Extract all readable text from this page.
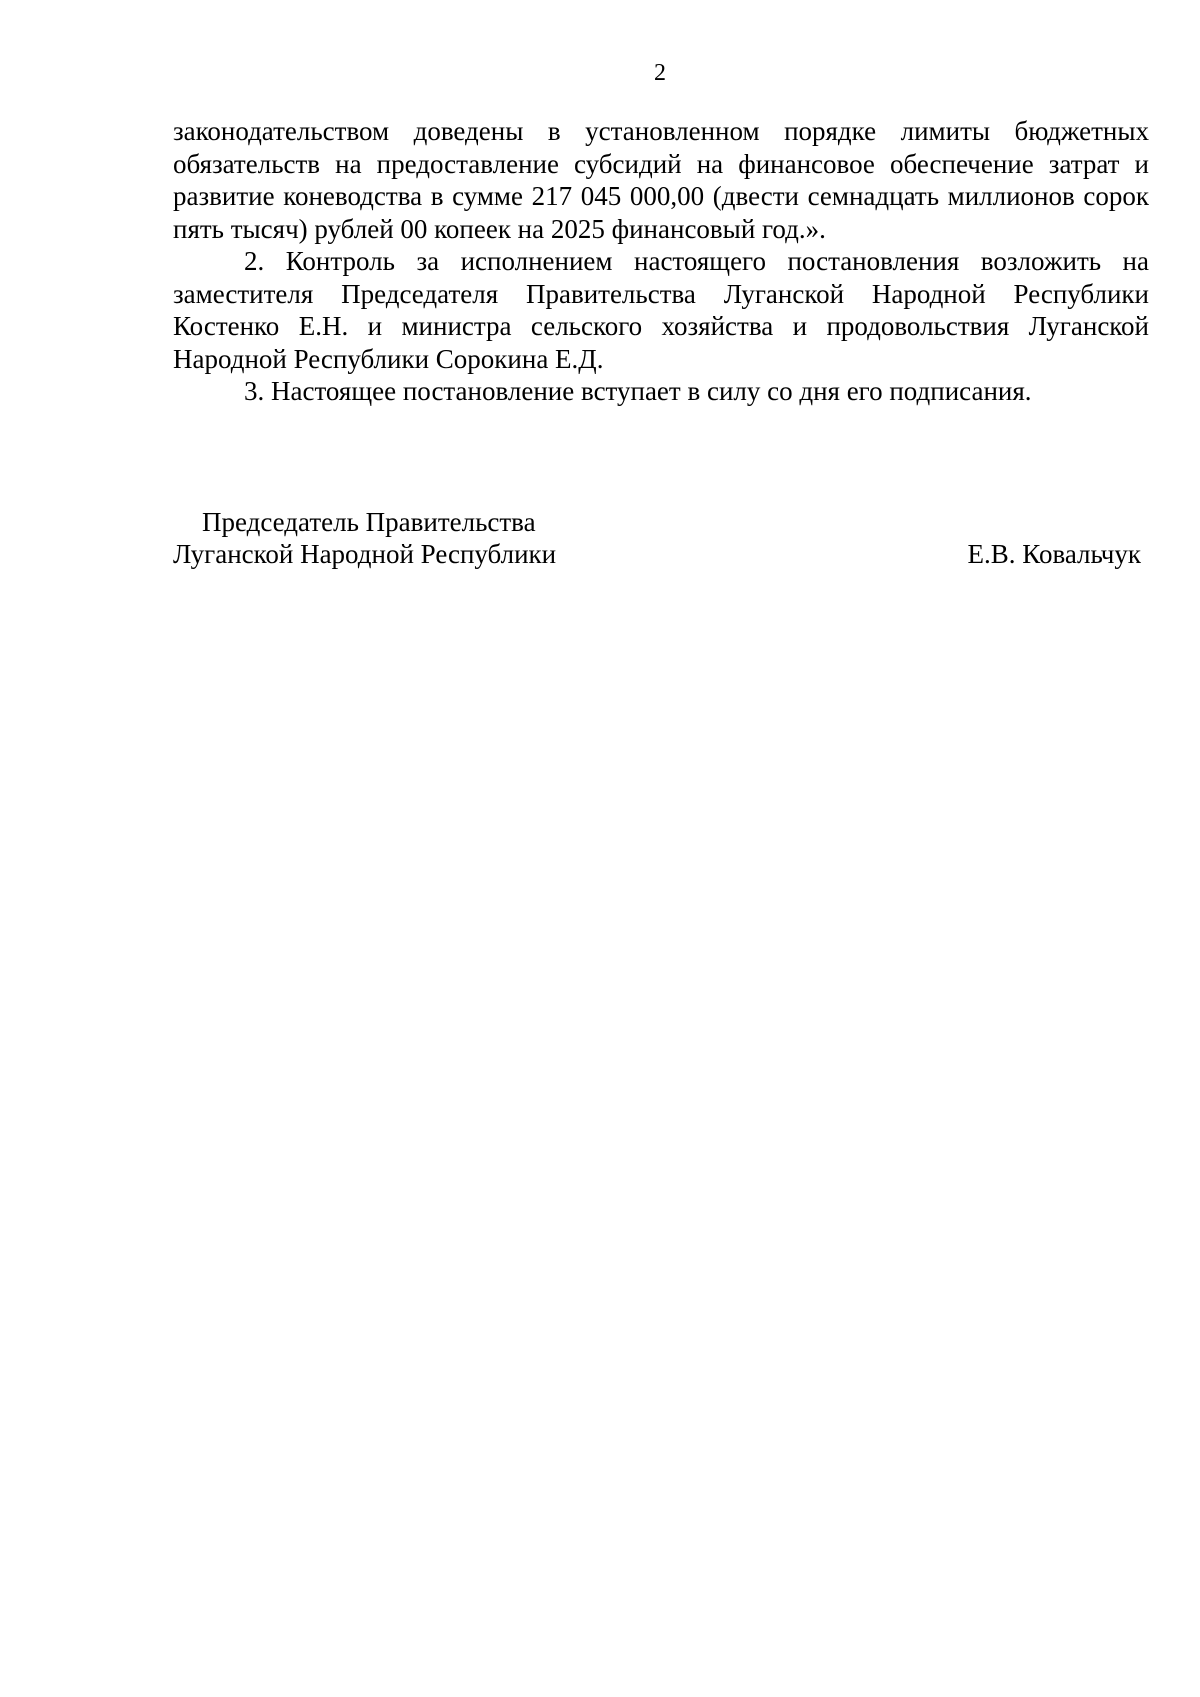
2

законодательством доведены в установленном порядке лимиты бюджетных обязательств на предоставление субсидий на финансовое обеспечение затрат и развитие коневодства в сумме 217 045 000,00 (двести семнадцать миллионов сорок пять тысяч) рублей 00 копеек на 2025 финансовый год.».

2. Контроль за исполнением настоящего постановления возложить на заместителя Председателя Правительства Луганской Народной Республики Костенко Е.Н. и министра сельского хозяйства и продовольствия Луганской Народной Республики Сорокина Е.Д.

3. Настоящее постановление вступает в силу со дня его подписания.

Председатель Правительства
Луганской Народной Республики	Е.В. Ковальчук
